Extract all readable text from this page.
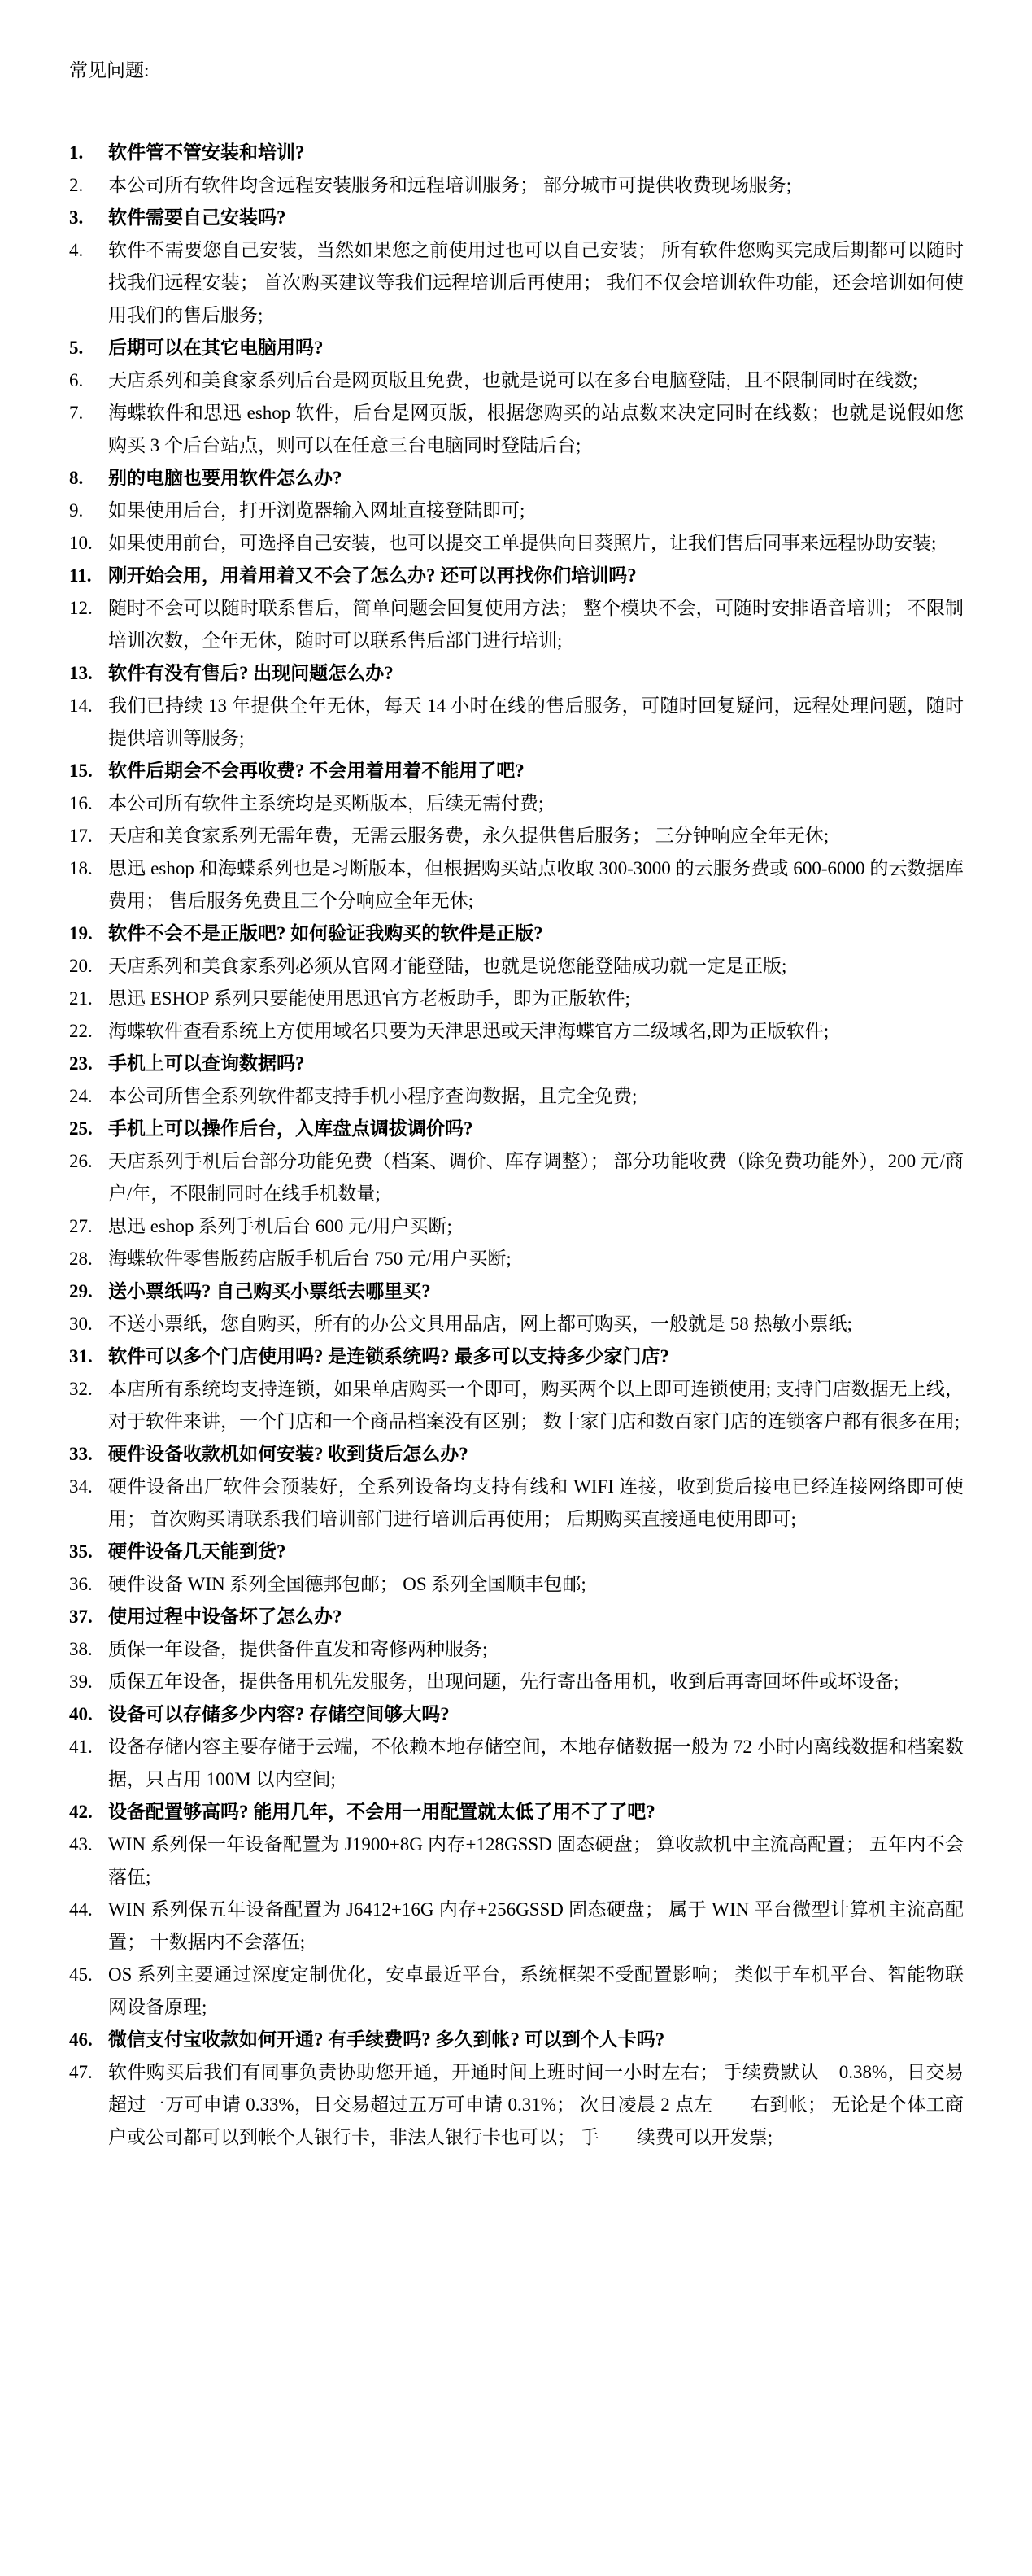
常见问题:
1.	软件管不管安装和培训?
2.	本公司所有软件均含远程安装服务和远程培训服务； 部分城市可提供收费现场服务;
3.	软件需要自己安装吗?
4.	软件不需要您自己安装，当然如果您之前使用过也可以自己安装； 所有软件您购买完成后期都可以随时找我们远程安装； 首次购买建议等我们远程培训后再使用； 我们不仅会培训软件功能，还会培训如何使用我们的售后服务;
5.	后期可以在其它电脑用吗?
6.	天店系列和美食家系列后台是网页版且免费，也就是说可以在多台电脑登陆，且不限制同时在线数;
7.	海蝶软件和思迅 eshop 软件，后台是网页版，根据您购买的站点数来决定同时在线数；也就是说假如您购买 3 个后台站点，则可以在任意三台电脑同时登陆后台;
8.	别的电脑也要用软件怎么办?
9.	如果使用后台，打开浏览器输入网址直接登陆即可;
10. 如果使用前台，可选择自己安装，也可以提交工单提供向日葵照片，让我们售后同事来远程协助安装;
11. 刚开始会用，用着用着又不会了怎么办? 还可以再找你们培训吗?
12. 随时不会可以随时联系售后，简单问题会回复使用方法； 整个模块不会，可随时安排语音培训； 不限制培训次数，全年无休，随时可以联系售后部门进行培训;
13. 软件有没有售后? 出现问题怎么办?
14. 我们已持续 13 年提供全年无休，每天 14 小时在线的售后服务，可随时回复疑问，远程处理问题，随时提供培训等服务;
15. 软件后期会不会再收费? 不会用着用着不能用了吧?
16. 本公司所有软件主系统均是买断版本，后续无需付费;
17. 天店和美食家系列无需年费，无需云服务费，永久提供售后服务； 三分钟响应全年无休;
18. 思迅 eshop 和海蝶系列也是习断版本，但根据购买站点收取 300-3000 的云服务费或 600-6000 的云数据库费用； 售后服务免费且三个分响应全年无休;
19. 软件不会不是正版吧? 如何验证我购买的软件是正版?
20. 天店系列和美食家系列必须从官网才能登陆，也就是说您能登陆成功就一定是正版;
21. 思迅 ESHOP 系列只要能使用思迅官方老板助手，即为正版软件;
22. 海蝶软件查看系统上方使用域名只要为天津思迅或天津海蝶官方二级域名,即为正版软件;
23. 手机上可以查询数据吗?
24. 本公司所售全系列软件都支持手机小程序查询数据，且完全免费;
25. 手机上可以操作后台，入库盘点调拔调价吗?
26. 天店系列手机后台部分功能免费（档案、调价、库存调整）； 部分功能收费（除免费功能外），200 元/商户/年，不限制同时在线手机数量;
27. 思迅 eshop 系列手机后台 600 元/用户买断;
28. 海蝶软件零售版药店版手机后台 750 元/用户买断;
29. 送小票纸吗? 自己购买小票纸去哪里买?
30. 不送小票纸，您自购买，所有的办公文具用品店，网上都可购买，一般就是 58 热敏小票纸;
31. 软件可以多个门店使用吗? 是连锁系统吗? 最多可以支持多少家门店?
32. 本店所有系统均支持连锁，如果单店购买一个即可，购买两个以上即可连锁使用; 支持门店数据无上线，对于软件来讲，一个门店和一个商品档案没有区别； 数十家门店和数百家门店的连锁客户都有很多在用;
33. 硬件设备收款机如何安装? 收到货后怎么办?
34. 硬件设备出厂软件会预装好，全系列设备均支持有线和 WIFI 连接，收到货后接电已经连接网络即可使用； 首次购买请联系我们培训部门进行培训后再使用； 后期购买直接通电使用即可;
35. 硬件设备几天能到货?
36. 硬件设备 WIN 系列全国德邦包邮； OS 系列全国顺丰包邮;
37. 使用过程中设备坏了怎么办?
38. 质保一年设备，提供备件直发和寄修两种服务;
39. 质保五年设备，提供备用机先发服务，出现问题，先行寄出备用机，收到后再寄回坏件或坏设备;
40. 设备可以存储多少内容? 存储空间够大吗?
41. 设备存储内容主要存储于云端，不依赖本地存储空间，本地存储数据一般为 72 小时内离线数据和档案数据，只占用 100M 以内空间;
42. 设备配置够高吗? 能用几年，不会用一用配置就太低了用不了了吧?
43. WIN 系列保一年设备配置为 J1900+8G 内存+128GSSD 固态硬盘； 算收款机中主流高配置； 五年内不会落伍;
44. WIN 系列保五年设备配置为 J6412+16G 内存+256GSSD 固态硬盘； 属于 WIN 平台微型计算机主流高配置； 十数据内不会落伍;
45. OS 系列主要通过深度定制优化，安卓最近平台，系统框架不受配置影响； 类似于车机平台、智能物联网设备原理;
46. 微信支付宝收款如何开通? 有手续费吗? 多久到帐? 可以到个人卡吗?
47. 软件购买后我们有同事负责协助您开通，开通时间上班时间一小时左右； 手续费默认    0.38%，日交易超过一万可申请 0.33%，日交易超过五万可申请 0.31%； 次日凌晨 2 点左　　右到帐； 无论是个体工商户或公司都可以到帐个人银行卡，非法人银行卡也可以； 手　　续费可以开发票;
